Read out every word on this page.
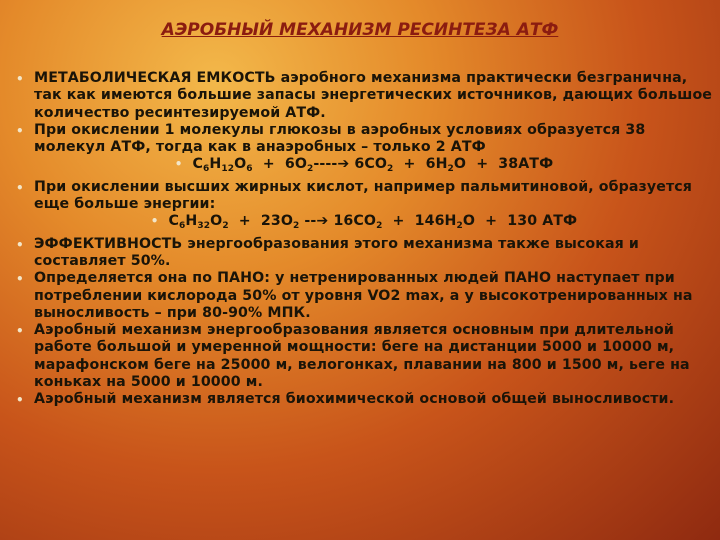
АЭРОБНЫЙ МЕХАНИЗМ РЕСИНТЕЗА АТФ
• МЕТАБОЛИЧЕСКАЯ ЕМКОСТЬ аэробного механизма практически безгранична, так как имеются большие запасы энергетических источников, дающих большое количество ресинтезируемой АТФ.
• При окислении 1 молекулы глюкозы в аэробных условиях образуется 38 молекул АТФ, тогда как в анаэробных – только 2 АТФ
• $C_6H_{12}O_6$ + $6O_2----➔$ $6CO_2 + 6H_2O + 38АТФ$
• При окислении высших жирных кислот, например пальмитиновой, образуется еще больше энергии:
• $C_6H_{32}O_2 + 23O_2$ --➔ $16CO_2 + 146H_2O + 130$ АТФ
• ЭФФЕКТИВНОСТЬ энергообразования этого механизма также высокая и составляет 50%.
• Определяется она по ПАНО: у нетренированных людей ПАНО наступает при потреблении кислорода 50% от уровня VO2 max, а у высокотренированных на выносливость – при 80-90% МПК.
• Аэробный механизм энергообразования является основным при длительной работе большой и умеренной мощности: беге на дистанции 5000 и 10000 м, марафонском беге на 25000 м, велогонках, плавании на 800 и 1500 м, ьеге на коньках на 5000 и 10000 м.
• Аэробный механизм является биохимической основой общей выносливости.
